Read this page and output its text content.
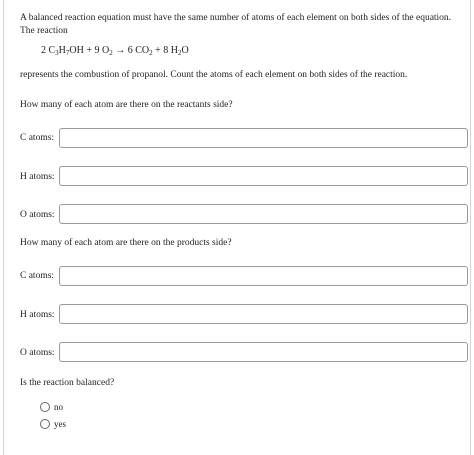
A balanced reaction equation must have the same number of atoms of each element on both sides of the equation.
The reaction
2 $C_3H_7OH + 9$ $O_2 \to 6$ $CO_2 + 8$ $H_2O$
represents the combustion of propanol. Count the atoms of each element on both sides of the reaction.
How many of each atom are there on the reactants side?
C atoms:
H atoms:
O atoms:
How many of each atom are there on the products side?
C atoms:
H atoms:
O atoms:
Is the reaction balanced?
no
yes
